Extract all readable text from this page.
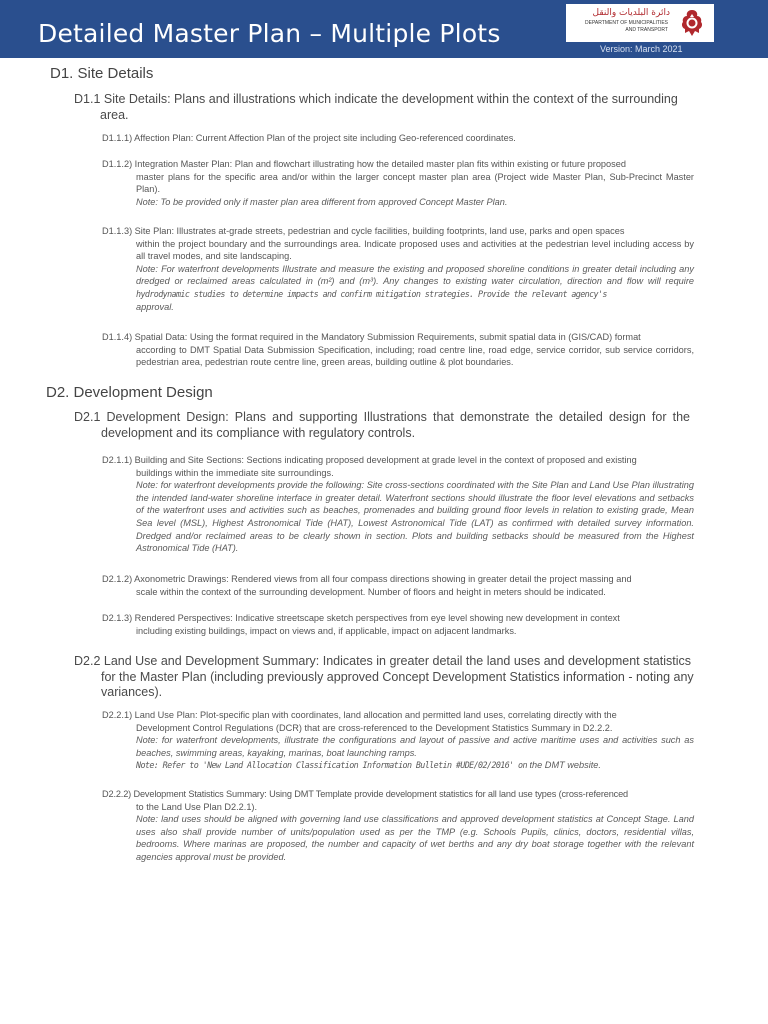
Detailed Master Plan – Multiple Plots
دائرة البلديات والنقل
DEPARTMENT OF MUNICIPALITIES
AND TRANSPORT
Version: March 2021
D1. Site Details
D1.1 Site Details: Plans and illustrations which indicate the development within the context of the surrounding
area.
D1.1.1) Affection Plan: Current Affection Plan of the project site including Geo-referenced coordinates.
D1.1.2) Integration Master Plan: Plan and flowchart illustrating how the detailed master plan fits within existing or future proposed
master plans for the specific area and/or within the larger concept master plan area (Project wide Master Plan, Sub-Precinct Master Plan).
Note: To be provided only if master plan area different from approved Concept Master Plan.
D1.1.3) Site Plan: Illustrates at-grade streets, pedestrian and cycle facilities, building footprints, land use, parks and open spaces
within the project boundary and the surroundings area. Indicate proposed uses and activities at the pedestrian level including access by all travel modes, and site landscaping.
Note: For waterfront developments Illustrate and measure the existing and proposed shoreline conditions in greater detail including any dredged or reclaimed areas calculated in (m²) and (m³). Any changes to existing water circulation, direction and flow will require hydrodynamic studies to determine impacts and confirm mitigation strategies. Provide the relevant agency's
approval.
D1.1.4) Spatial Data: Using the format required in the Mandatory Submission Requirements, submit spatial data in (GIS/CAD) format
according to DMT Spatial Data Submission Specification, including; road centre line, road edge, service corridor, sub service corridors, pedestrian area, pedestrian route centre line, green areas, building outline & plot boundaries.
D2. Development Design
D2.1 Development Design: Plans and supporting Illustrations that demonstrate the detailed design for the
development and its compliance with regulatory controls.
D2.1.1) Building and Site Sections: Sections indicating proposed development at grade level in the context of proposed and existing
buildings within the immediate site surroundings.
Note: for waterfront developments provide the following: Site cross-sections coordinated with the Site Plan and Land Use Plan illustrating the intended land-water shoreline interface in greater detail. Waterfront sections should illustrate the floor level elevations and setbacks of the waterfront uses and activities such as beaches, promenades and building ground floor levels in relation to existing grade, Mean Sea level (MSL), Highest Astronomical Tide (HAT), Lowest Astronomical Tide (LAT) as confirmed with detailed survey information. Dredged and/or reclaimed areas to be clearly shown in section. Plots and building setbacks should be measured from the Highest Astronomical Tide (HAT).
D2.1.2) Axonometric Drawings: Rendered views from all four compass directions showing in greater detail the project massing and
scale within the context of the surrounding development. Number of floors and height in meters should be indicated.
D2.1.3) Rendered Perspectives: Indicative streetscape sketch perspectives from eye level showing new development in context
including existing buildings, impact on views and, if applicable, impact on adjacent landmarks.
D2.2 Land Use and Development Summary: Indicates in greater detail the land uses and development statistics
for the Master Plan (including previously approved Concept Development Statistics information - noting any
variances).
D2.2.1) Land Use Plan: Plot-specific plan with coordinates, land allocation and permitted land uses, correlating directly with the
Development Control Regulations (DCR) that are cross-referenced to the Development Statistics Summary in D2.2.2.
Note: for waterfront developments, illustrate the configurations and layout of passive and active maritime uses and activities such as beaches, swimming areas, kayaking, marinas, boat launching ramps.
Note: Refer to 'New Land Allocation Classification Information Bulletin #UDE/02/2016' on the DMT website.
D2.2.2) Development Statistics Summary: Using DMT Template provide development statistics for all land use types (cross-referenced
to the Land Use Plan D2.2.1).
Note: land uses should be aligned with governing land use classifications and approved development statistics at Concept Stage. Land uses also shall provide number of units/population used as per the TMP (e.g. Schools Pupils, clinics, doctors, residential villas, bedrooms. Where marinas are proposed, the number and capacity of wet berths and any dry boat storage together with the relevant agencies approval must be provided.
